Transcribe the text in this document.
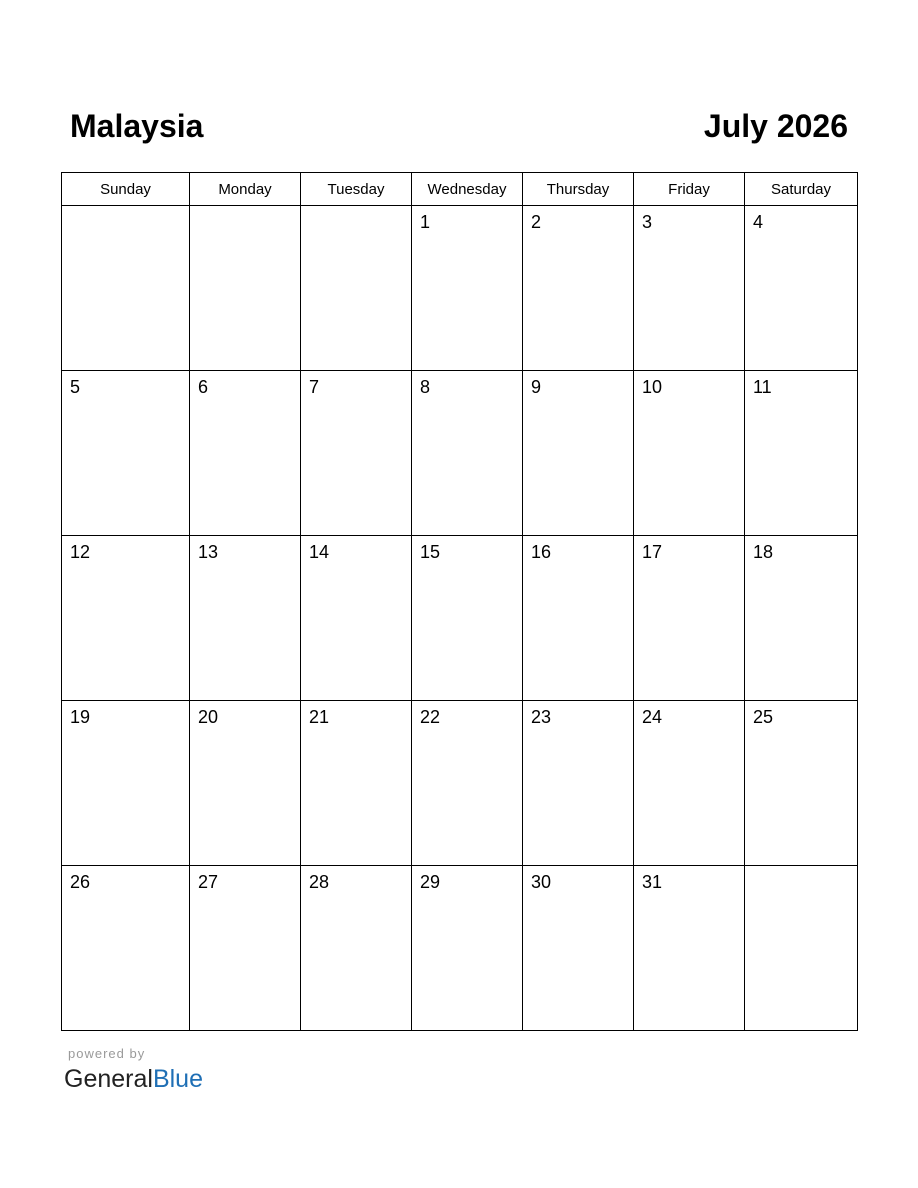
Malaysia	July 2026
Sunday	Monday	Tuesday	Wednesday	Thursday	Friday	Saturday

			1	2	3	4

5	6	7	8	9	10	11

12	13	14	15	16	17	18

19	20	21	22	23	24	25

26	27	28	29	30	31	

powered by
GeneralBlue
